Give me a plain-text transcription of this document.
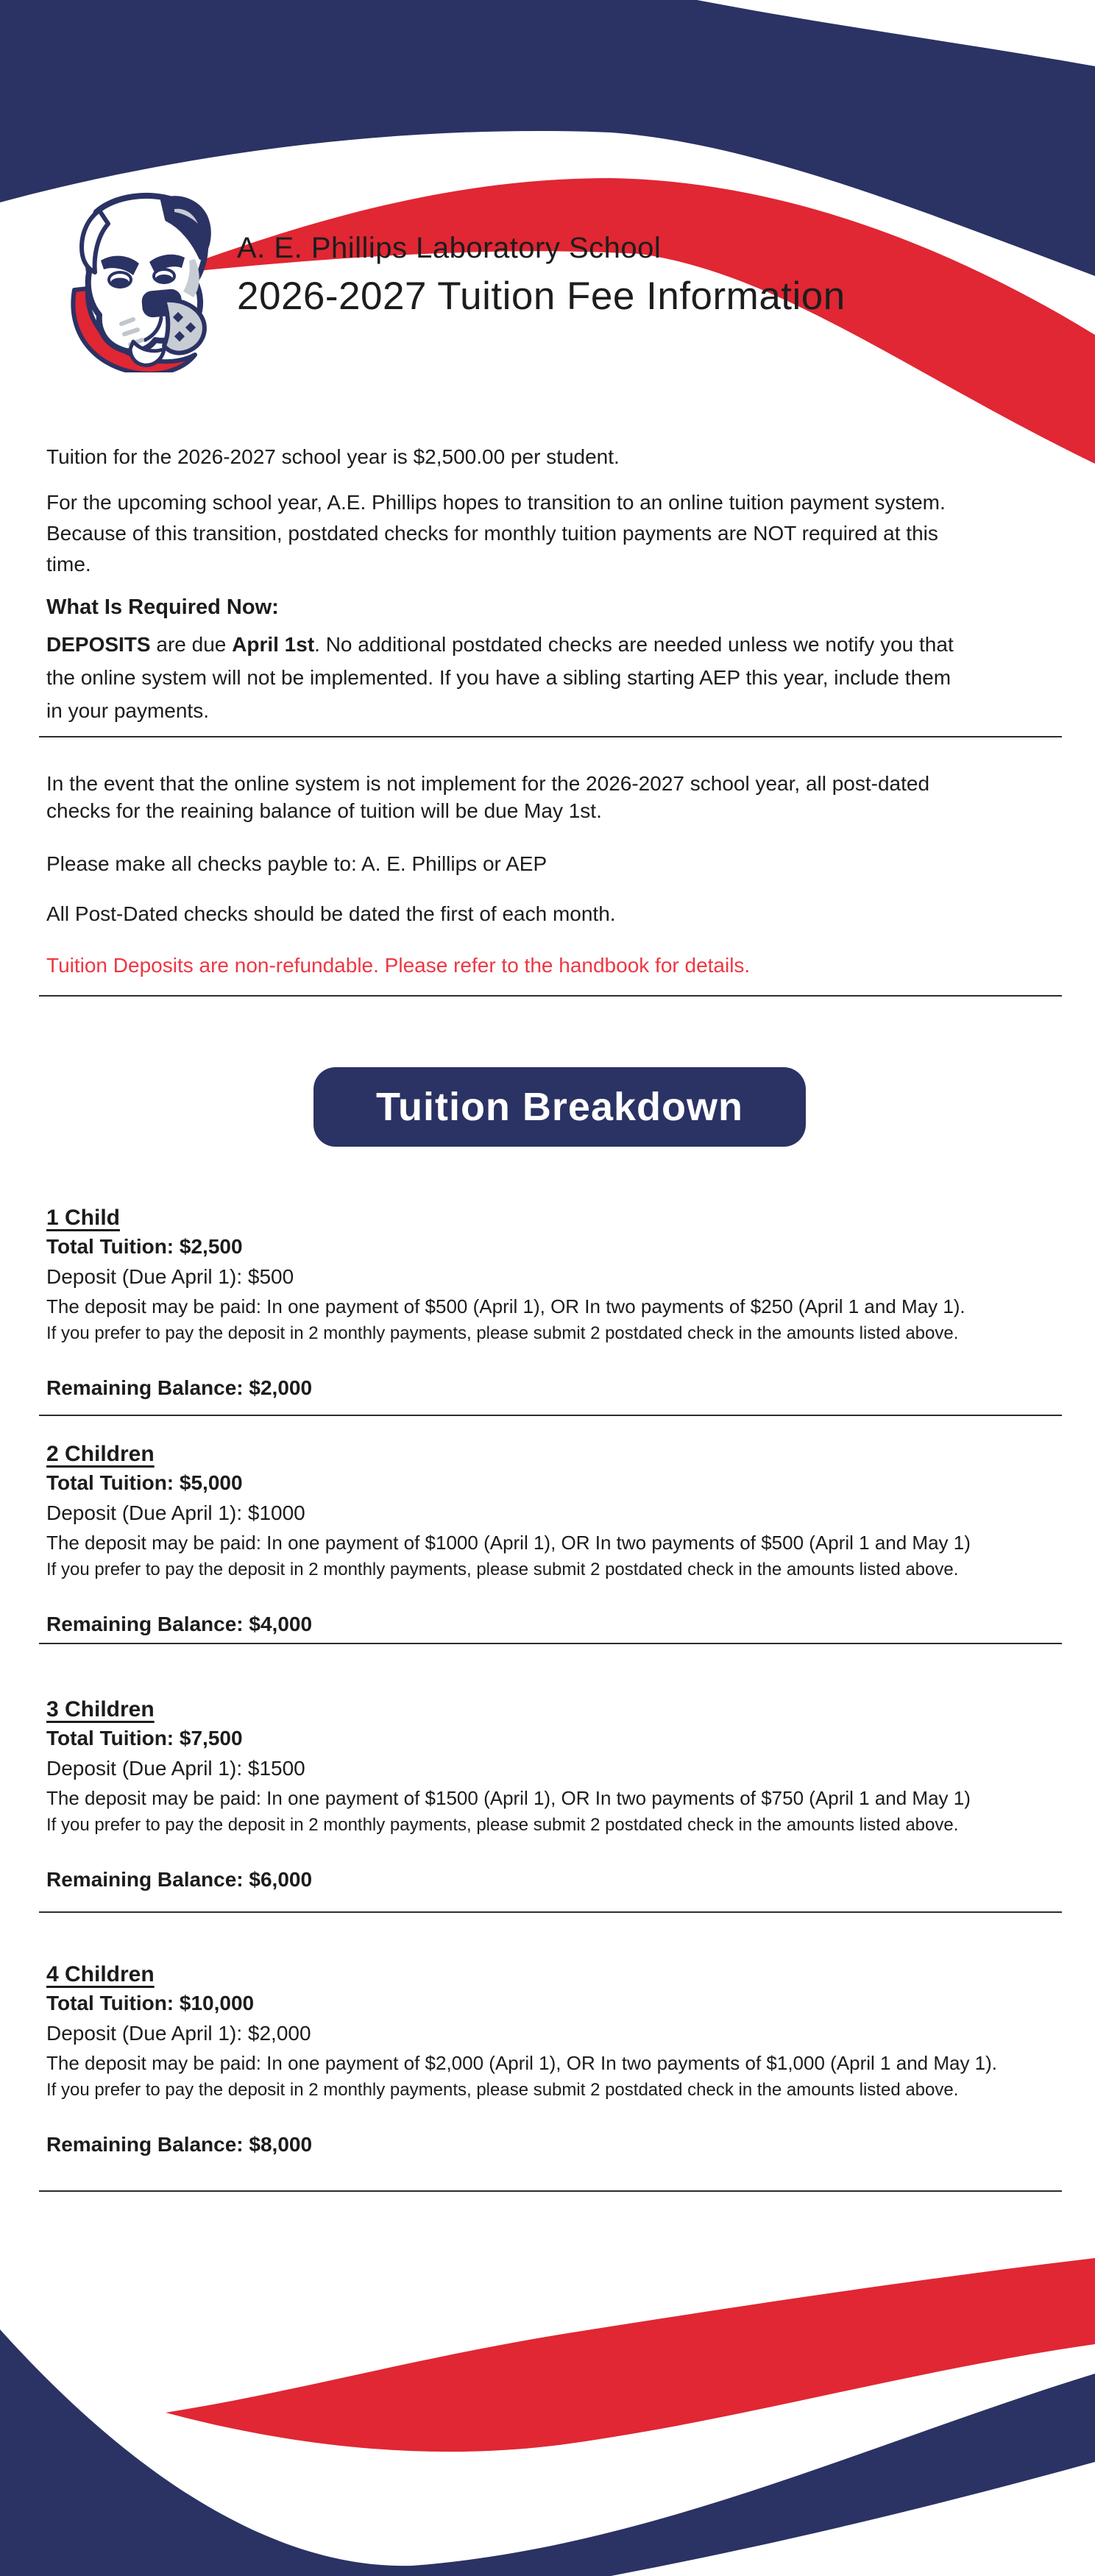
A. E. Phillips Laboratory School
2026-2027 Tuition Fee Information
Tuition for the 2026-2027 school year is $2,500.00 per student.
For the upcoming school year, A.E. Phillips hopes to transition to an online tuition payment system.
Because of this transition, postdated checks for monthly tuition payments are NOT required at this
time.
What Is Required Now:
DEPOSITS are due April 1st. No additional postdated checks are needed unless we notify you that
the online system will not be implemented. If you have a sibling starting AEP this year, include them
in your payments.
In the event that the online system is not implement for the 2026-2027 school year, all post-dated
checks for the reaining balance of tuition will be due May 1st.
Please make all checks payble to: A. E. Phillips or AEP
All Post-Dated checks should be dated the first of each month.
Tuition Deposits are non-refundable. Please refer to the handbook for details.
Tuition Breakdown
1 Child
Total Tuition: $2,500
Deposit (Due April 1): $500
The deposit may be paid: In one payment of $500 (April 1), OR In two payments of $250 (April 1 and May 1).
If you prefer to pay the deposit in 2 monthly payments, please submit 2 postdated check in the amounts listed above.
Remaining Balance: $2,000
2 Children
Total Tuition: $5,000
Deposit (Due April 1): $1000
The deposit may be paid: In one payment of $1000 (April 1), OR In two payments of $500 (April 1 and May 1)
If you prefer to pay the deposit in 2 monthly payments, please submit 2 postdated check in the amounts listed above.
Remaining Balance: $4,000
3 Children
Total Tuition: $7,500
Deposit (Due April 1): $1500
The deposit may be paid: In one payment of $1500 (April 1), OR In two payments of $750 (April 1 and May 1)
If you prefer to pay the deposit in 2 monthly payments, please submit 2 postdated check in the amounts listed above.
Remaining Balance: $6,000
4 Children
Total Tuition: $10,000
Deposit (Due April 1): $2,000
The deposit may be paid: In one payment of $2,000 (April 1), OR In two payments of $1,000 (April 1 and May 1).
If you prefer to pay the deposit in 2 monthly payments, please submit 2 postdated check in the amounts listed above.
Remaining Balance: $8,000
